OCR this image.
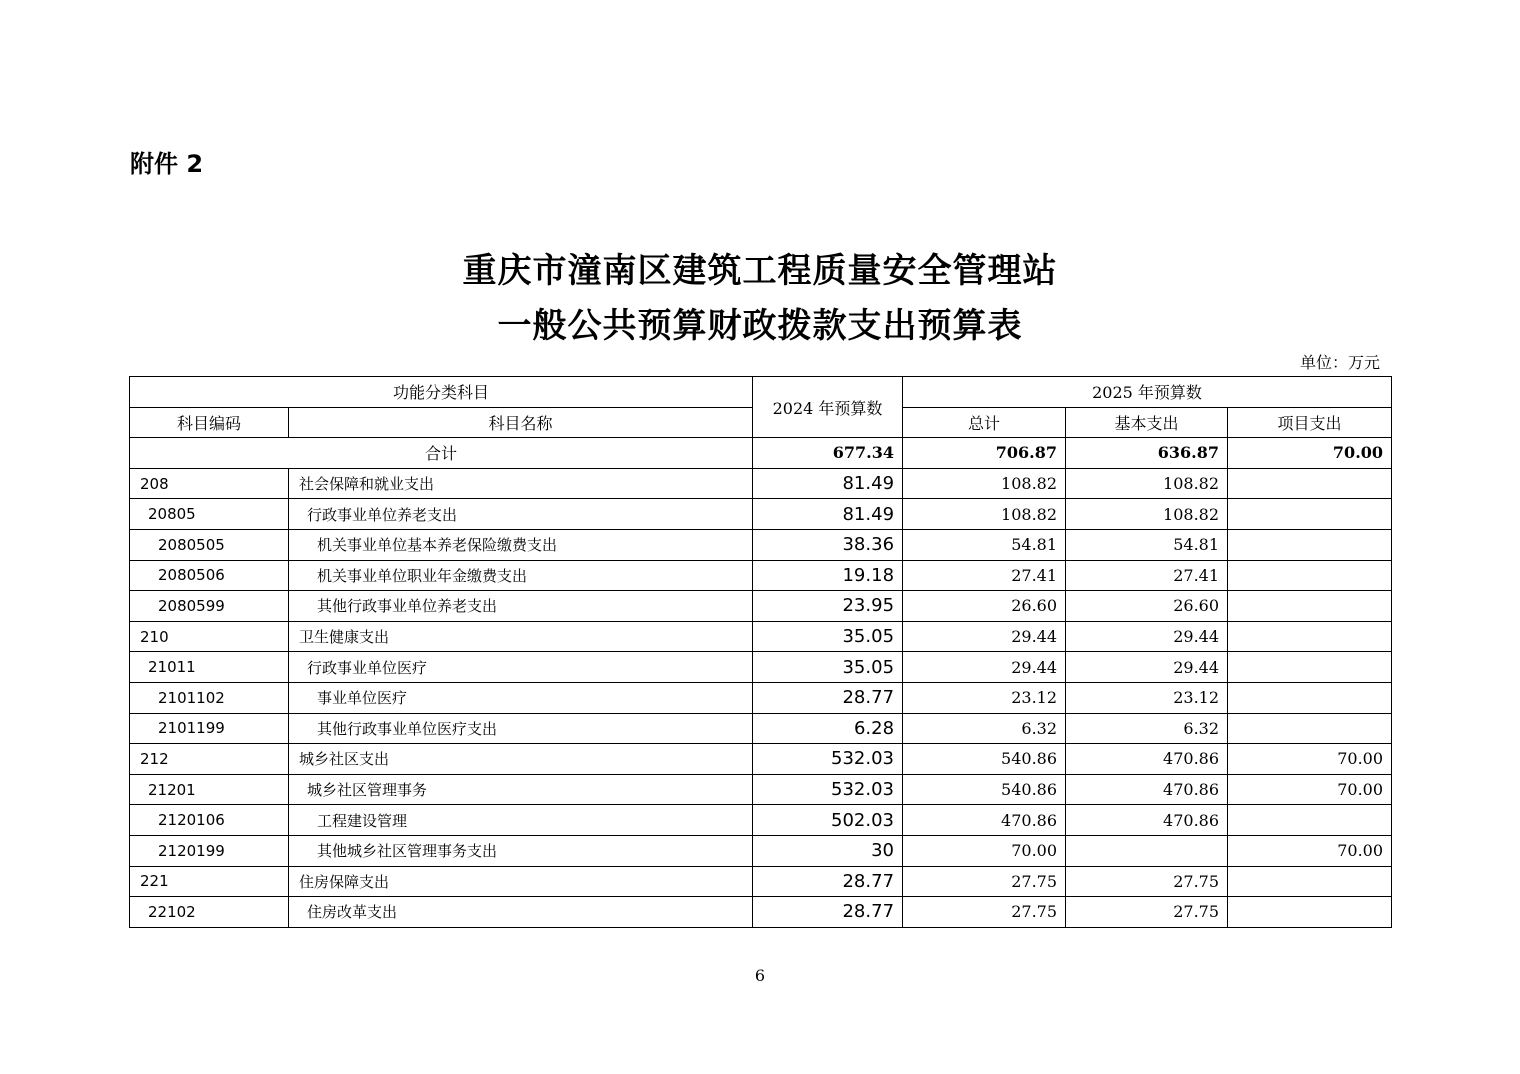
附件 2
重庆市潼南区建筑工程质量安全管理站
一般公共预算财政拨款支出预算表
单位：万元
功能分类科目		2024 年预算数	2025 年预算数		
科目编码	科目名称		总计	基本支出	项目支出
合计		677.34	706.87	636.87	70.00
208	社会保障和就业支出	81.49	108.82	108.82	
20805	行政事业单位养老支出	81.49	108.82	108.82	
2080505	机关事业单位基本养老保险缴费支出	38.36	54.81	54.81	
2080506	机关事业单位职业年金缴费支出	19.18	27.41	27.41	
2080599	其他行政事业单位养老支出	23.95	26.60	26.60	
210	卫生健康支出	35.05	29.44	29.44	
21011	行政事业单位医疗	35.05	29.44	29.44	
2101102	事业单位医疗	28.77	23.12	23.12	
2101199	其他行政事业单位医疗支出	6.28	6.32	6.32	
212	城乡社区支出	532.03	540.86	470.86	70.00
21201	城乡社区管理事务	532.03	540.86	470.86	70.00
2120106	工程建设管理	502.03	470.86	470.86	
2120199	其他城乡社区管理事务支出	30	70.00		70.00
221	住房保障支出	28.77	27.75	27.75	
22102	住房改革支出	28.77	27.75	27.75	
6
